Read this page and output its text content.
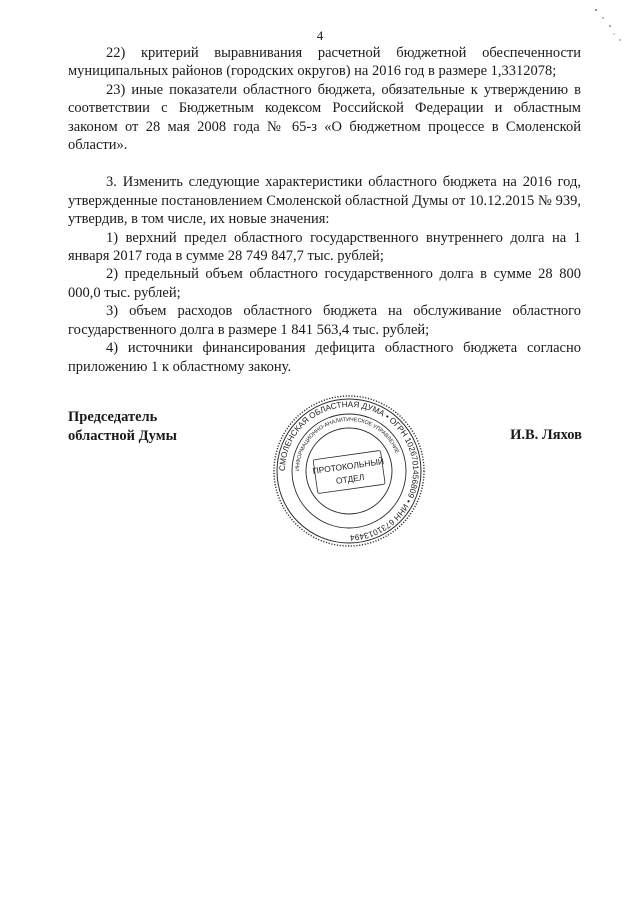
4

22) критерий выравнивания расчетной бюджетной обеспеченности муниципальных районов (городских округов) на 2016 год в размере 1,3312078;

23) иные показатели областного бюджета, обязательные к утверждению в соответствии с Бюджетным кодексом Российской Федерации и областным законом от 28 мая 2008 года № 65-з «О бюджетном процессе в Смоленской области».

3. Изменить следующие характеристики областного бюджета на 2016 год, утвержденные постановлением Смоленской областной Думы от 10.12.2015 № 939, утвердив, в том числе, их новые значения:

1) верхний предел областного государственного внутреннего долга на 1 января 2017 года в сумме 28 749 847,7 тыс. рублей;

2) предельный объем областного государственного долга в сумме 28 800 000,0 тыс. рублей;

3) объем расходов областного бюджета на обслуживание областного государственного долга в размере 1 841 563,4 тыс. рублей;

4) источники финансирования дефицита областного бюджета согласно приложению 1 к областному закону.

Председатель
областной Думы	И.В. Ляхов
СМОЛЕНСКАЯ ОБЛАСТНАЯ ДУМА • ОГРН 1026701456809 • ИНН 6731013494
ИНФОРМАЦИОННО-АНАЛИТИЧЕСКОЕ УПРАВЛЕНИЕ
ПРОТОКОЛЬНЫЙ
ОТДЕЛ
